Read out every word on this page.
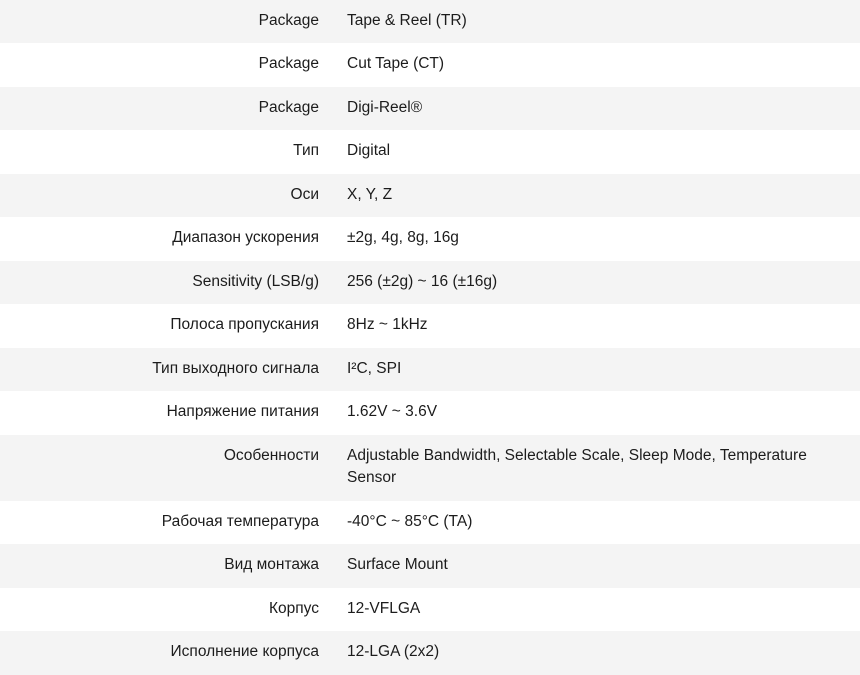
Package	Tape & Reel (TR)
Package	Cut Tape (CT)
Package	Digi-Reel®
Тип	Digital
Оси	X, Y, Z
Диапазон ускорения	±2g, 4g, 8g, 16g
Sensitivity (LSB/g)	256 (±2g) ~ 16 (±16g)
Полоса пропускания	8Hz ~ 1kHz
Тип выходного сигнала	I²C, SPI
Напряжение питания	1.62V ~ 3.6V
Особенности	Adjustable Bandwidth, Selectable Scale, Sleep Mode, Temperature Sensor
Рабочая температура	-40°C ~ 85°C (TA)
Вид монтажа	Surface Mount
Корпус	12-VFLGA
Исполнение корпуса	12-LGA (2x2)
